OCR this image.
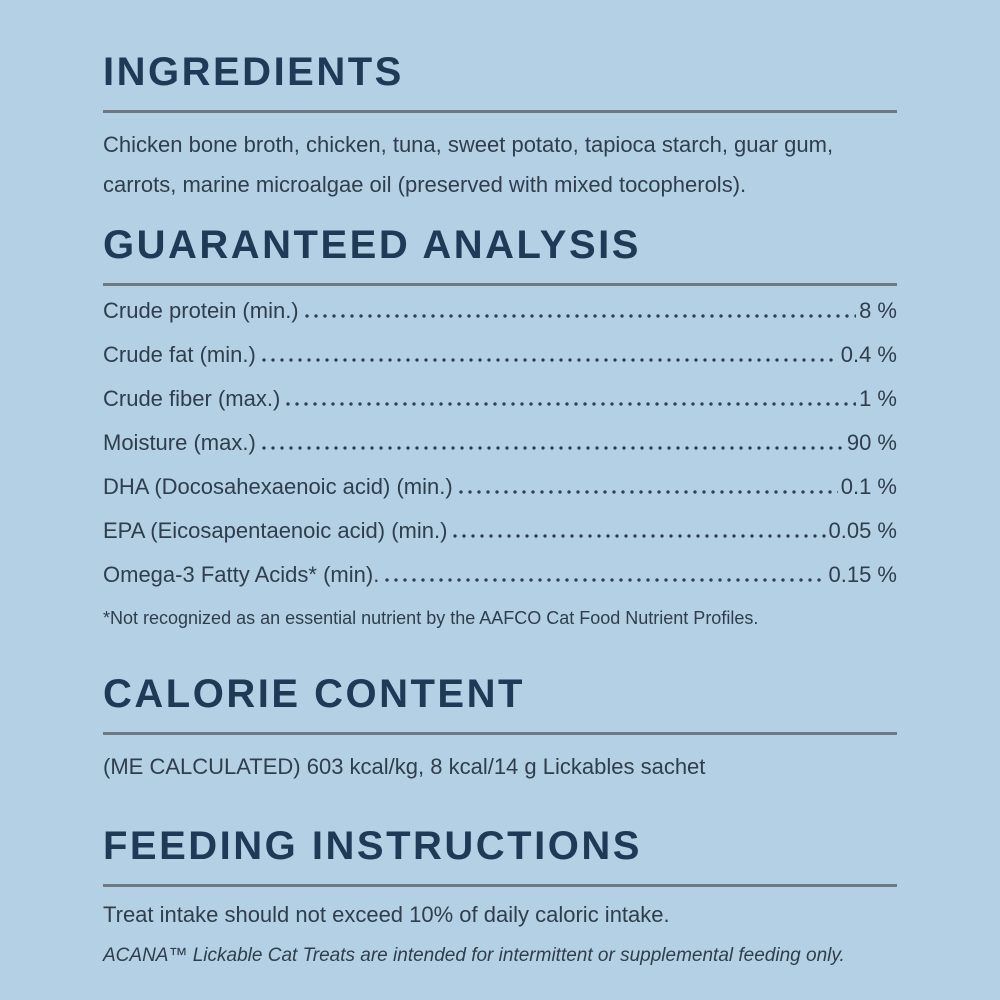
INGREDIENTS

Chicken bone broth, chicken, tuna, sweet potato, tapioca starch, guar gum, carrots, marine microalgae oil (preserved with mixed tocopherols).

GUARANTEED ANALYSIS
Crude protein (min.)	8 %
Crude fat (min.)	0.4 %
Crude fiber (max.)	1 %
Moisture (max.)	90 %
DHA (Docosahexaenoic acid) (min.)	0.1 %
EPA (Eicosapentaenoic acid) (min.)	0.05 %
Omega-3 Fatty Acids* (min).	0.15 %

*Not recognized as an essential nutrient by the AAFCO Cat Food Nutrient Profiles.

CALORIE CONTENT

(ME CALCULATED) 603 kcal/kg, 8 kcal/14 g Lickables sachet

FEEDING INSTRUCTIONS

Treat intake should not exceed 10% of daily caloric intake.

ACANA™ Lickable Cat Treats are intended for intermittent or supplemental feeding only.
